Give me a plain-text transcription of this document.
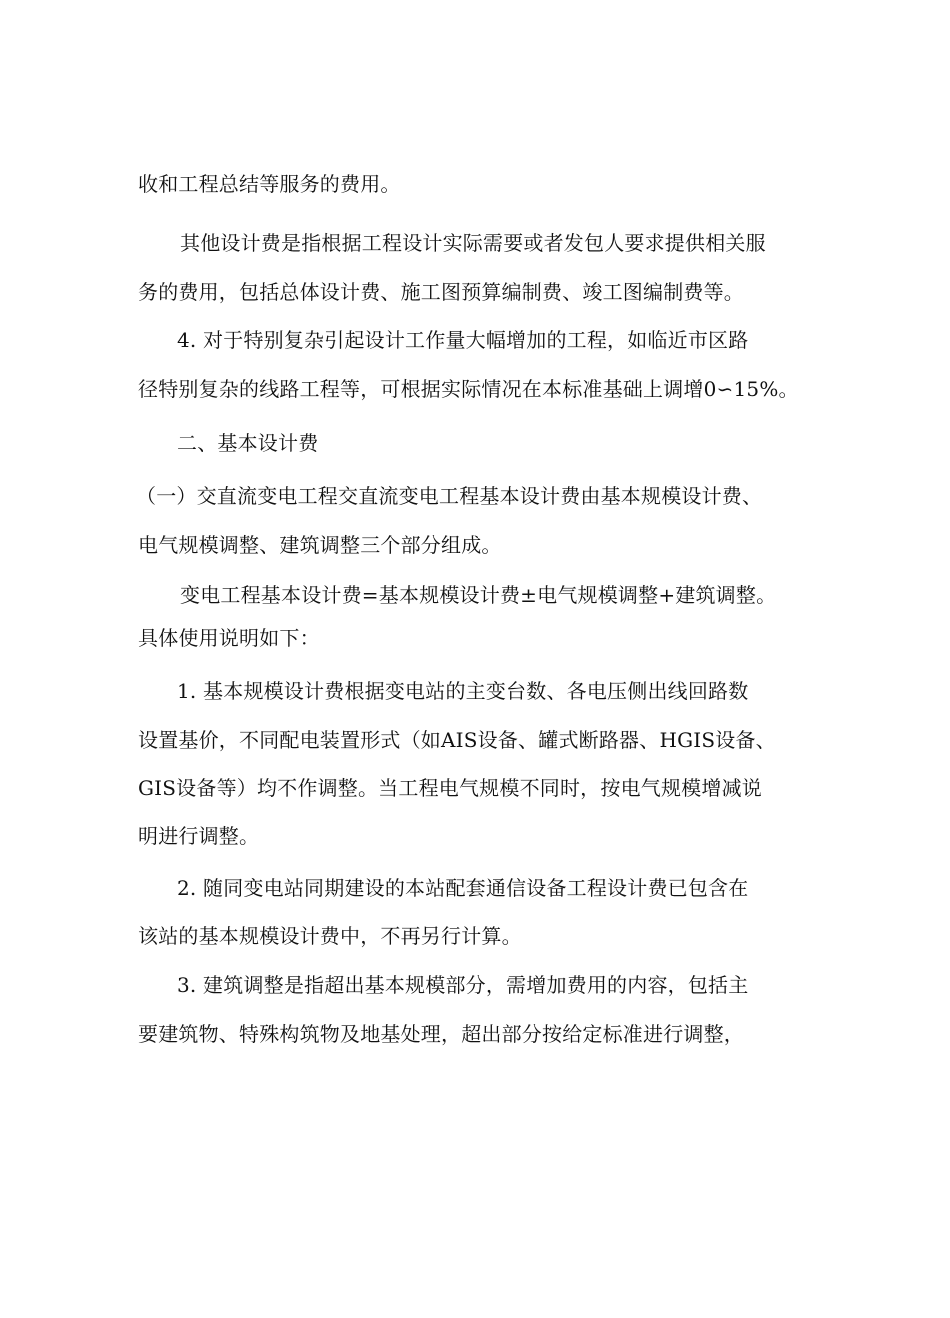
收和工程总结等服务的费用。
其他设计费是指根据工程设计实际需要或者发包人要求提供相关服
务的费用，包括总体设计费、施工图预算编制费、竣工图编制费等。
4. 对于特别复杂引起设计工作量大幅增加的工程，如临近市区路
径特别复杂的线路工程等，可根据实际情况在本标准基础上调增0∽15%。
二、基本设计费
（一）交直流变电工程交直流变电工程基本设计费由基本规模设计费、
电气规模调整、建筑调整三个部分组成。
变电工程基本设计费=基本规模设计费±电气规模调整+建筑调整。
具体使用说明如下：
1. 基本规模设计费根据变电站的主变台数、各电压侧出线回路数
设置基价，不同配电装置形式（如AIS设备、罐式断路器、HGIS设备、
GIS设备等）均不作调整。当工程电气规模不同时，按电气规模增减说
明进行调整。
2. 随同变电站同期建设的本站配套通信设备工程设计费已包含在
该站的基本规模设计费中，不再另行计算。
3. 建筑调整是指超出基本规模部分，需增加费用的内容，包括主
要建筑物、特殊构筑物及地基处理，超出部分按给定标准进行调整，
